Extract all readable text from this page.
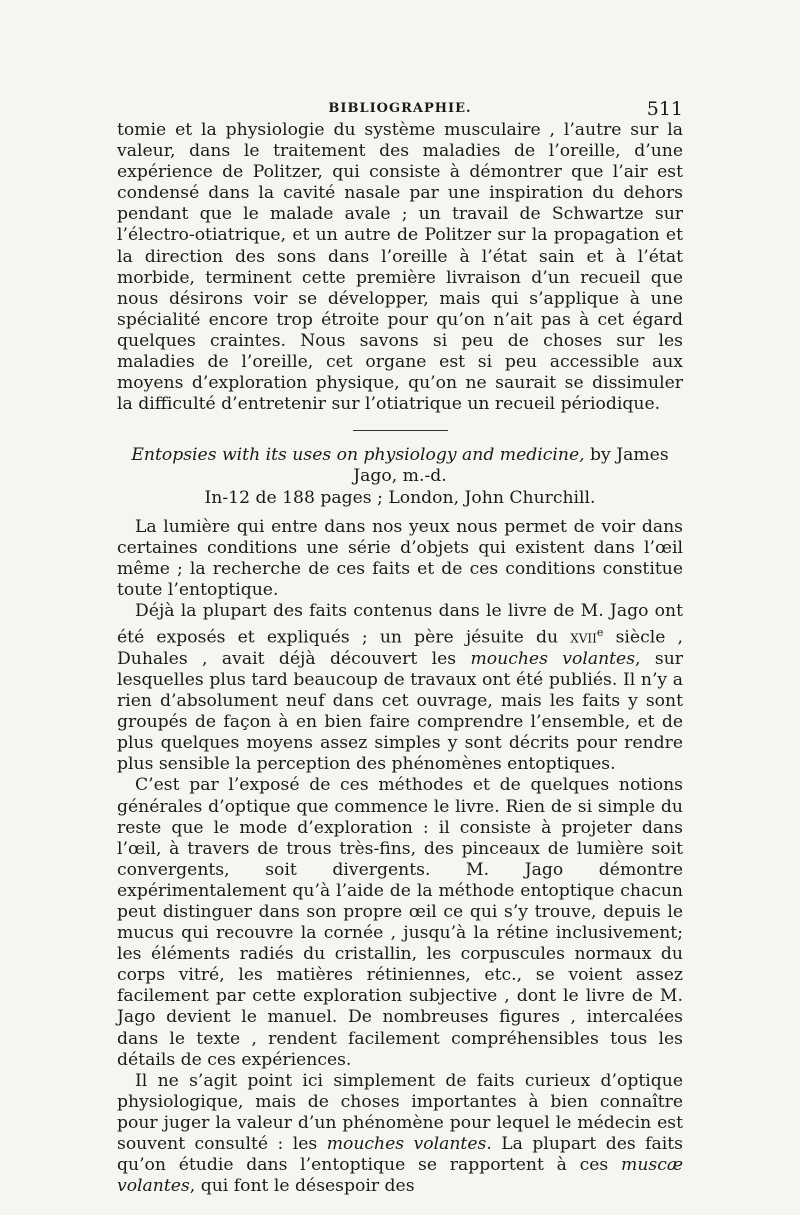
BIBLIOGRAPHIE.	511

tomie et la physiologie du système musculaire , l’autre sur la valeur, dans le traitement des maladies de l’oreille, d’une expérience de Politzer, qui consiste à démontrer que l’air est condensé dans la cavité nasale par une inspiration du dehors pendant que le malade avale ; un travail de Schwartze sur l’électro-otiatrique, et un autre de Politzer sur la propagation et la direction des sons dans l’oreille à l’état sain et à l’état morbide, terminent cette première livraison d’un recueil que nous désirons voir se développer, mais qui s’applique à une spécialité encore trop étroite pour qu’on n’ait pas à cet égard quelques craintes. Nous savons si peu de choses sur les maladies de l’oreille, cet organe est si peu accessible aux moyens d’exploration physique, qu’on ne saurait se dissimuler la difficulté d’entretenir sur l’otiatrique un recueil périodique.

Entopsies with its uses on physiology and medicine, by James Jago, m.-d.
In-12 de 188 pages ; London, John Churchill.

La lumière qui entre dans nos yeux nous permet de voir dans certaines conditions une série d’objets qui existent dans l’œil même ; la recherche de ces faits et de ces conditions constitue toute l’entoptique.

Déjà la plupart des faits contenus dans le livre de M. Jago ont été exposés et expliqués ; un père jésuite du xvii$^e$ siècle , Duhales , avait déjà découvert les mouches volantes, sur lesquelles plus tard beaucoup de travaux ont été publiés. Il n’y a rien d’absolument neuf dans cet ouvrage, mais les faits y sont groupés de façon à en bien faire comprendre l’ensemble, et de plus quelques moyens assez simples y sont décrits pour rendre plus sensible la perception des phénomènes entoptiques.

C’est par l’exposé de ces méthodes et de quelques notions générales d’optique que commence le livre. Rien de si simple du reste que le mode d’exploration : il consiste à projeter dans l’œil, à travers de trous très-fins, des pinceaux de lumière soit convergents, soit divergents. M. Jago démontre expérimentalement qu’à l’aide de la méthode entoptique chacun peut distinguer dans son propre œil ce qui s’y trouve, depuis le mucus qui recouvre la cornée , jusqu’à la rétine inclusivement; les éléments radiés du cristallin, les corpuscules normaux du corps vitré, les matières rétiniennes, etc., se voient assez facilement par cette exploration subjective , dont le livre de M. Jago devient le manuel. De nombreuses figures , intercalées dans le texte , rendent facilement compréhensibles tous les détails de ces expériences.

Il ne s’agit point ici simplement de faits curieux d’optique physiologique, mais de choses importantes à bien connaître pour juger la valeur d’un phénomène pour lequel le médecin est souvent consulté : les mouches volantes. La plupart des faits qu’on étudie dans l’entoptique se rapportent à ces muscæ volantes, qui font le désespoir des
